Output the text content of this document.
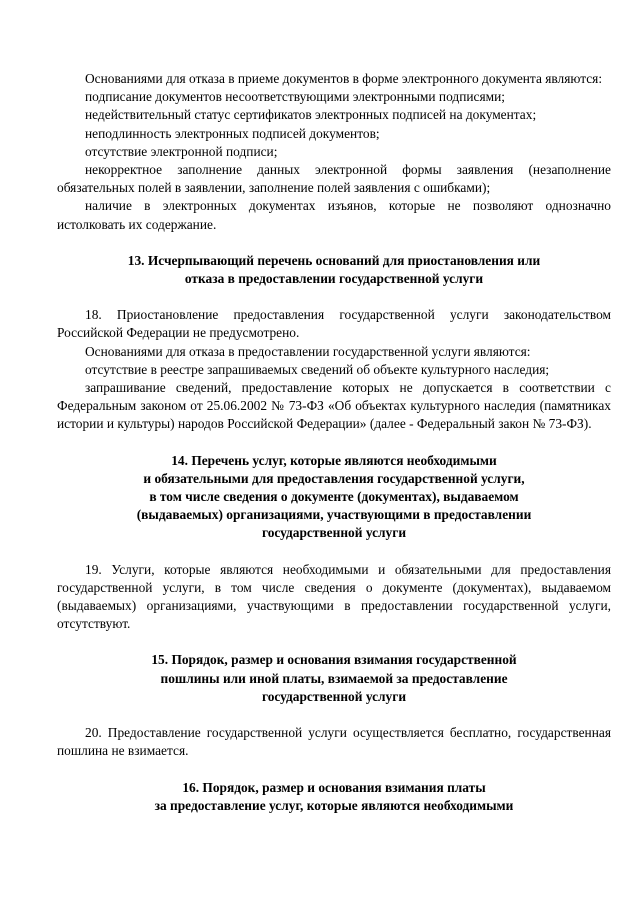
Основаниями для отказа в приеме документов в форме электронного документа являются:

подписание документов несоответствующими электронными подписями;

недействительный статус сертификатов электронных подписей на документах;

неподлинность электронных подписей документов;

отсутствие электронной подписи;

некорректное заполнение данных электронной формы заявления (незаполнение обязательных полей в заявлении, заполнение полей заявления с ошибками);

наличие в электронных документах изъянов, которые не позволяют однозначно истолковать их содержание.

13. Исчерпывающий перечень оснований для приостановления или

отказа в предоставлении государственной услуги

18. Приостановление предоставления государственной услуги законодательством Российской Федерации не предусмотрено.

Основаниями для отказа в предоставлении государственной услуги являются:

отсутствие в реестре запрашиваемых сведений об объекте культурного наследия;

запрашивание сведений, предоставление которых не допускается в соответствии с Федеральным законом от 25.06.2002 № 73-ФЗ «Об объектах культурного наследия (памятниках истории и культуры) народов Российской Федерации» (далее - Федеральный закон № 73-ФЗ).

14. Перечень услуг, которые являются необходимыми

и обязательными для предоставления государственной услуги,

в том числе сведения о документе (документах), выдаваемом

(выдаваемых) организациями, участвующими в предоставлении

государственной услуги

19. Услуги, которые являются необходимыми и обязательными для предоставления государственной услуги, в том числе сведения о документе (документах), выдаваемом (выдаваемых) организациями, участвующими в предоставлении государственной услуги, отсутствуют.

15. Порядок, размер и основания взимания государственной

пошлины или иной платы, взимаемой за предоставление

государственной услуги

20. Предоставление государственной услуги осуществляется бесплатно, государственная пошлина не взимается.

16. Порядок, размер и основания взимания платы

за предоставление услуг, которые являются необходимыми
